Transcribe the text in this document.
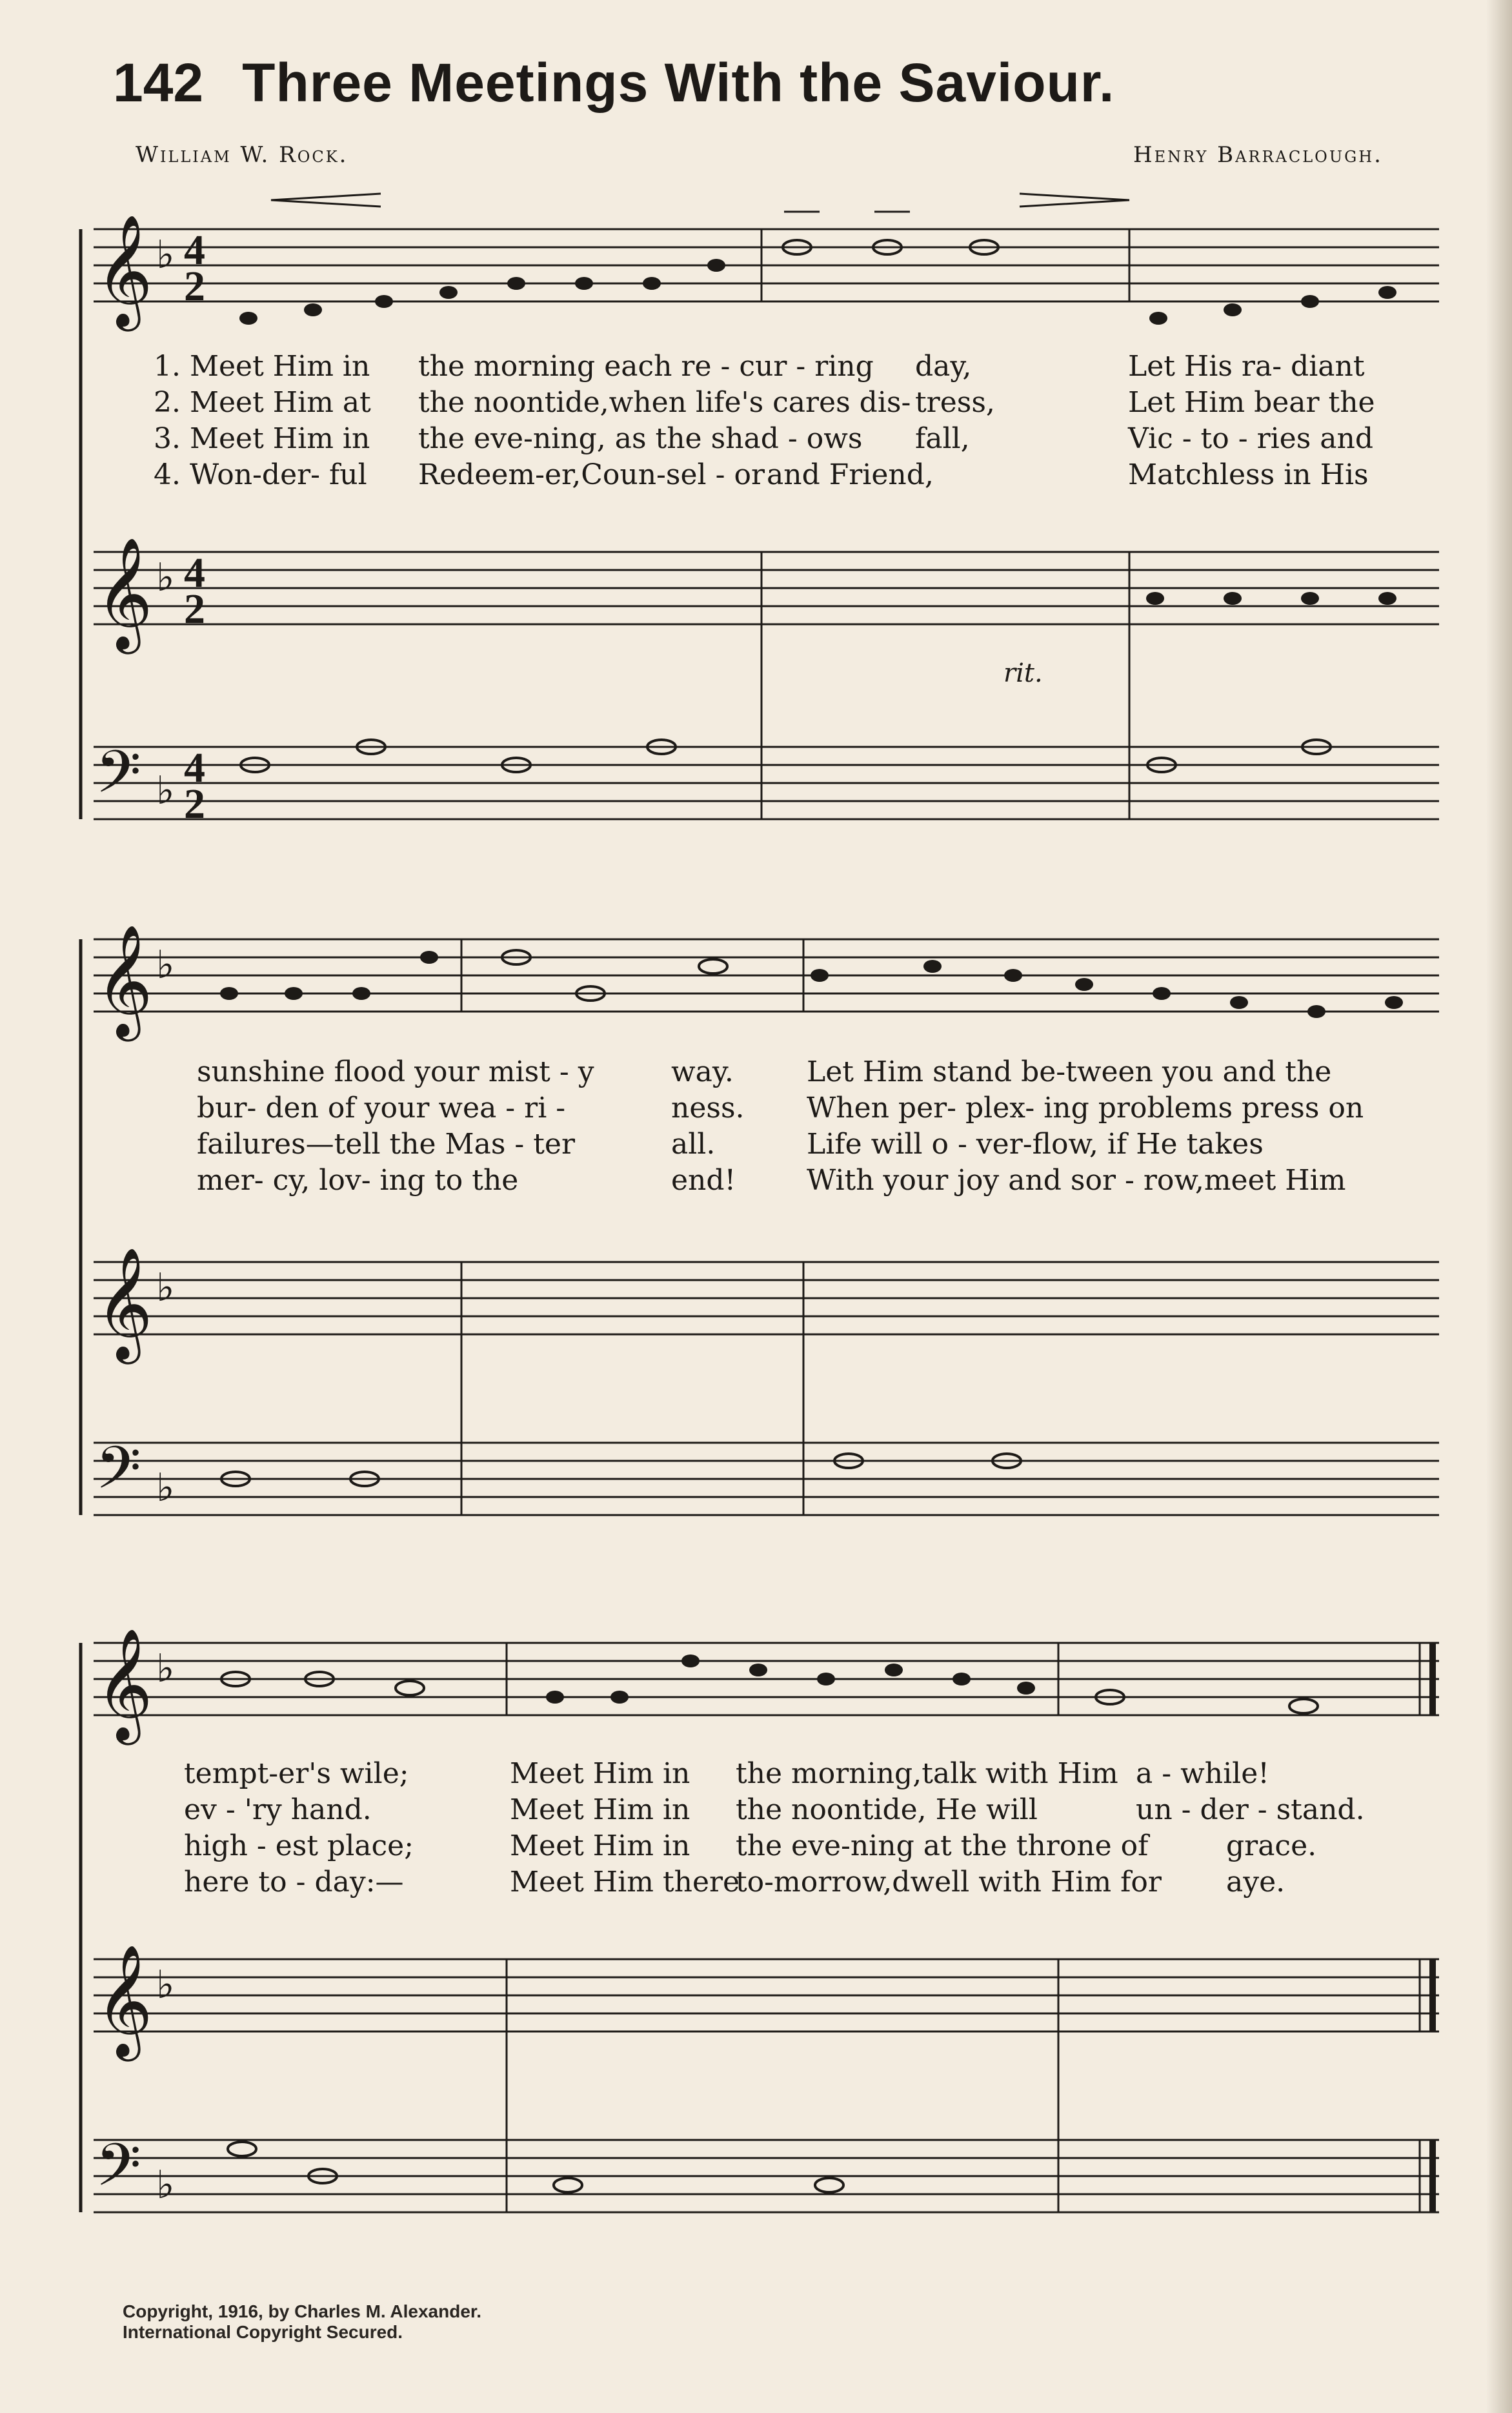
142 Three Meetings With the Saviour.
William W. Rock.	Henry Barraclough.
𝄞
𝄞
𝄢
𝄞
𝄞
𝄢
𝄞
𝄞
𝄢
♭
♭
♭
♭
♭
♭
♭
♭
♭
4
2
4
2
4
2
rit.
1. Meet Him in	the morning each re - cur - ring	day,	Let His ra- diant
2. Meet Him at	the noontide,when life's cares dis- tress,	Let Him bear the
3. Meet Him in	the eve-ning, as the shad - ows	fall,	Vic - to - ries and
4. Won-der- ful	Redeem-er,Coun-sel - or and Friend,	Matchless in His
sunshine flood your mist - y	way.	Let Him stand be-tween you and the
bur- den of your wea - ri -	ness.	When per- plex- ing problems press on
failures—tell the Mas - ter	all.	Life will o - ver-flow, if He takes
mer- cy, lov- ing to the	end!	With your joy and sor - row,meet Him
tempt-er's wile;	Meet Him in	the morning,talk with Him a - while!
ev - 'ry hand.	Meet Him in	the noontide, He will	un - der - stand.
high - est place;	Meet Him in	the eve-ning at the throne of	grace.
here to - day:—	Meet Him there
to-morrow,dwell with Him for	aye.
Copyright, 1916, by Charles M. Alexander.
International Copyright Secured.
